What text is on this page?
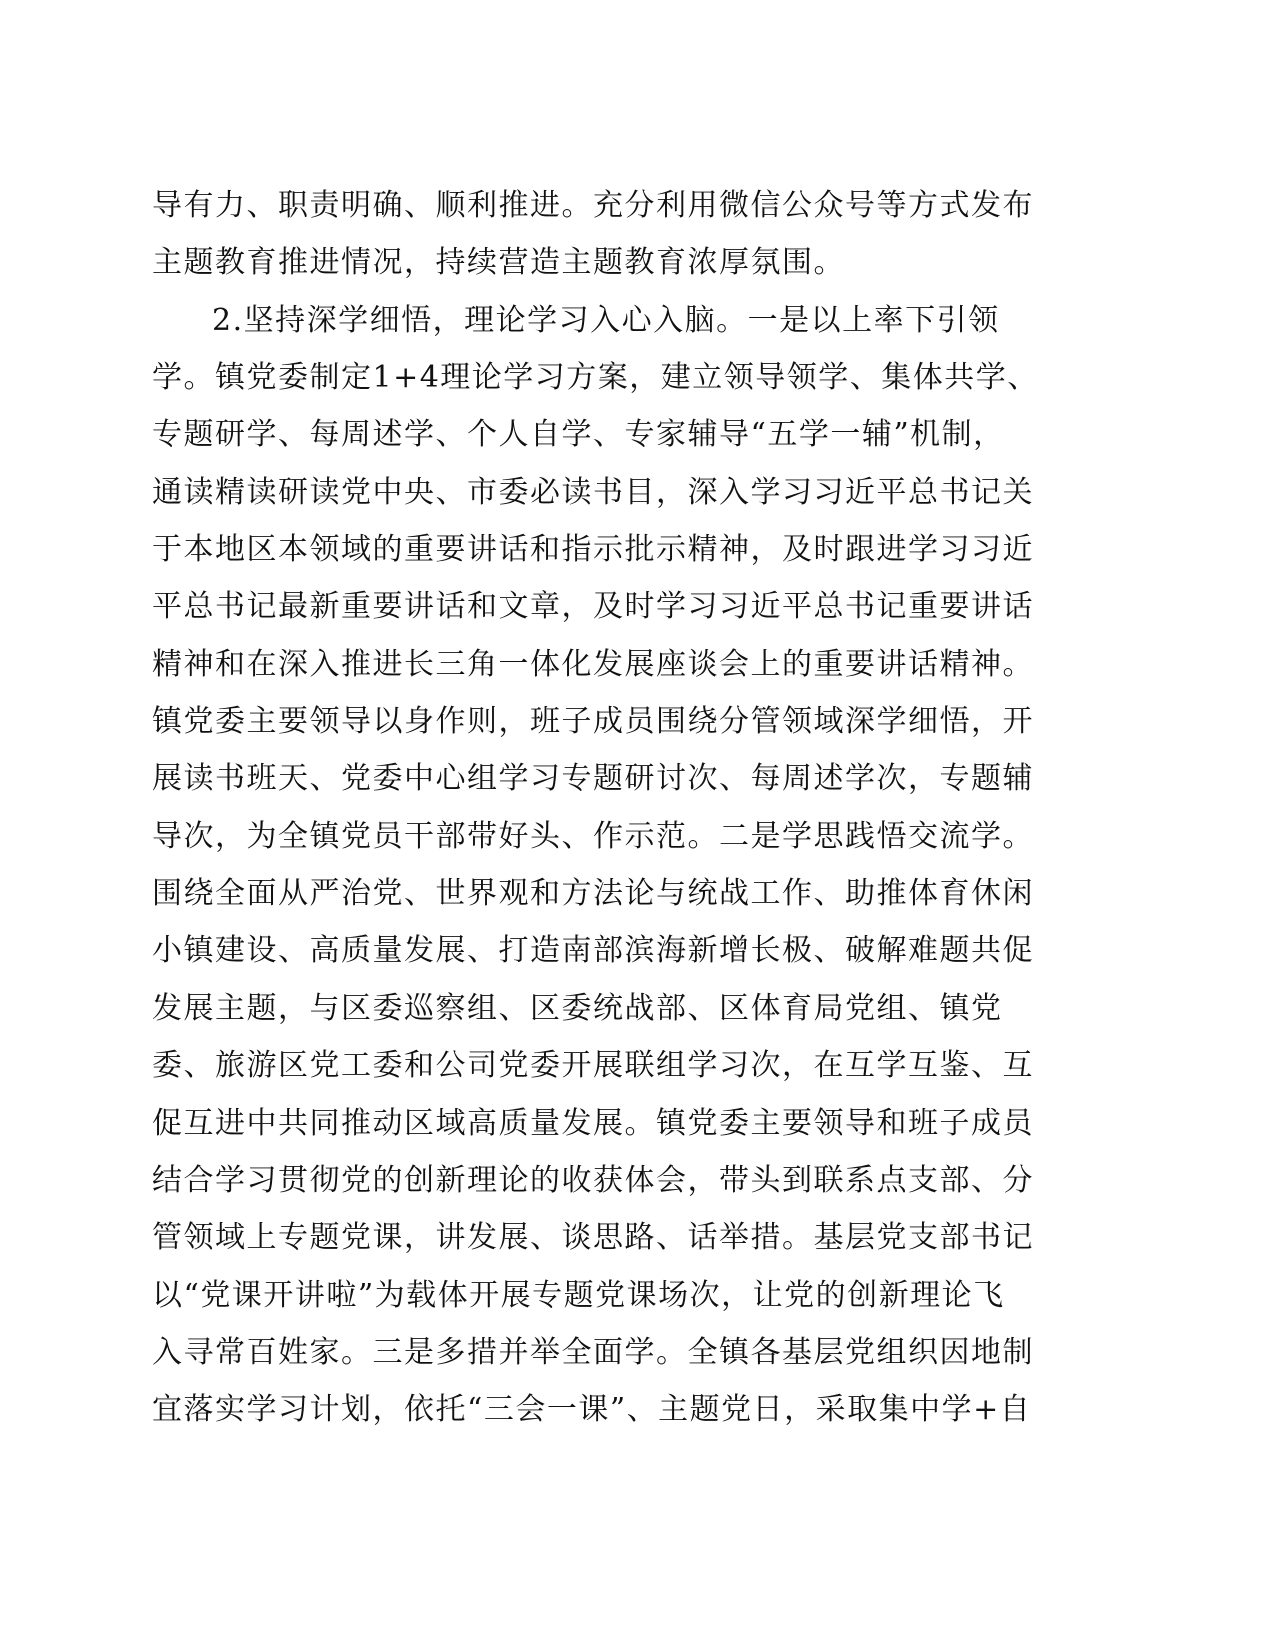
导有力、职责明确、顺利推进。充分利用微信公众号等方式发布
主题教育推进情况，持续营造主题教育浓厚氛围。
2.坚持深学细悟，理论学习入心入脑。一是以上率下引领
学。镇党委制定1+4理论学习方案，建立领导领学、集体共学、
专题研学、每周述学、个人自学、专家辅导“五学一辅”机制，
通读精读研读党中央、市委必读书目，深入学习习近平总书记关
于本地区本领域的重要讲话和指示批示精神，及时跟进学习习近
平总书记最新重要讲话和文章，及时学习习近平总书记重要讲话
精神和在深入推进长三角一体化发展座谈会上的重要讲话精神。
镇党委主要领导以身作则，班子成员围绕分管领域深学细悟，开
展读书班天、党委中心组学习专题研讨次、每周述学次，专题辅
导次，为全镇党员干部带好头、作示范。二是学思践悟交流学。
围绕全面从严治党、世界观和方法论与统战工作、助推体育休闲
小镇建设、高质量发展、打造南部滨海新增长极、破解难题共促
发展主题，与区委巡察组、区委统战部、区体育局党组、镇党
委、旅游区党工委和公司党委开展联组学习次，在互学互鉴、互
促互进中共同推动区域高质量发展。镇党委主要领导和班子成员
结合学习贯彻党的创新理论的收获体会，带头到联系点支部、分
管领域上专题党课，讲发展、谈思路、话举措。基层党支部书记
以“党课开讲啦”为载体开展专题党课场次，让党的创新理论飞
入寻常百姓家。三是多措并举全面学。全镇各基层党组织因地制
宜落实学习计划，依托“三会一课”、主题党日，采取集中学+自
